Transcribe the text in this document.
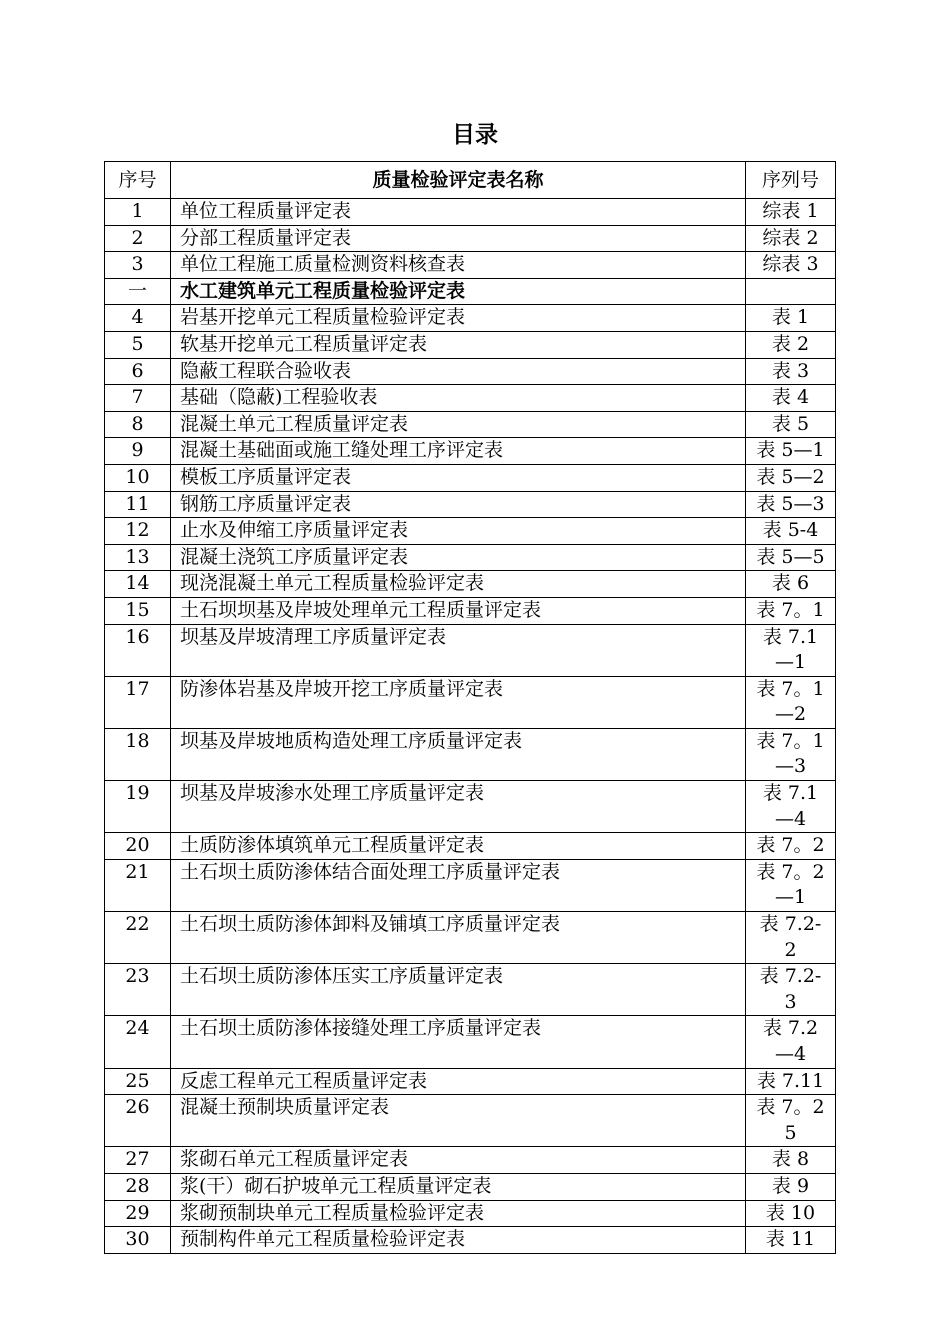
目录
序号	质量检验评定表名称	序列号
1	单位工程质量评定表	综表 1
2	分部工程质量评定表	综表 2
3	单位工程施工质量检测资料核查表	综表 3
一	水工建筑单元工程质量检验评定表	
4	岩基开挖单元工程质量检验评定表	表 1
5	软基开挖单元工程质量评定表	表 2
6	隐蔽工程联合验收表	表 3
7	基础（隐蔽)工程验收表	表 4
8	混凝土单元工程质量评定表	表 5
9	混凝土基础面或施工缝处理工序评定表	表 5—1
10	模板工序质量评定表	表 5—2
11	钢筋工序质量评定表	表 5—3
12	止水及伸缩工序质量评定表	表 5-4
13	混凝土浇筑工序质量评定表	表 5—5
14	现浇混凝土单元工程质量检验评定表	表 6
15	土石坝坝基及岸坡处理单元工程质量评定表	表 7。1
16	坝基及岸坡清理工序质量评定表	表 7.1 —1
17	防渗体岩基及岸坡开挖工序质量评定表	表 7。1 —2
18	坝基及岸坡地质构造处理工序质量评定表	表 7。1 —3
19	坝基及岸坡渗水处理工序质量评定表	表 7.1 —4
20	土质防渗体填筑单元工程质量评定表	表 7。2
21	土石坝土质防渗体结合面处理工序质量评定表	表 7。2 —1
22	土石坝土质防渗体卸料及铺填工序质量评定表	表 7.2- 2
23	土石坝土质防渗体压实工序质量评定表	表 7.2- 3
24	土石坝土质防渗体接缝处理工序质量评定表	表 7.2 —4
25	反虑工程单元工程质量评定表	表 7.11
26	混凝土预制块质量评定表	表 7。25
27	浆砌石单元工程质量评定表	表 8
28	浆(干）砌石护坡单元工程质量评定表	表 9
29	浆砌预制块单元工程质量检验评定表	表 10
30	预制构件单元工程质量检验评定表	表 11
